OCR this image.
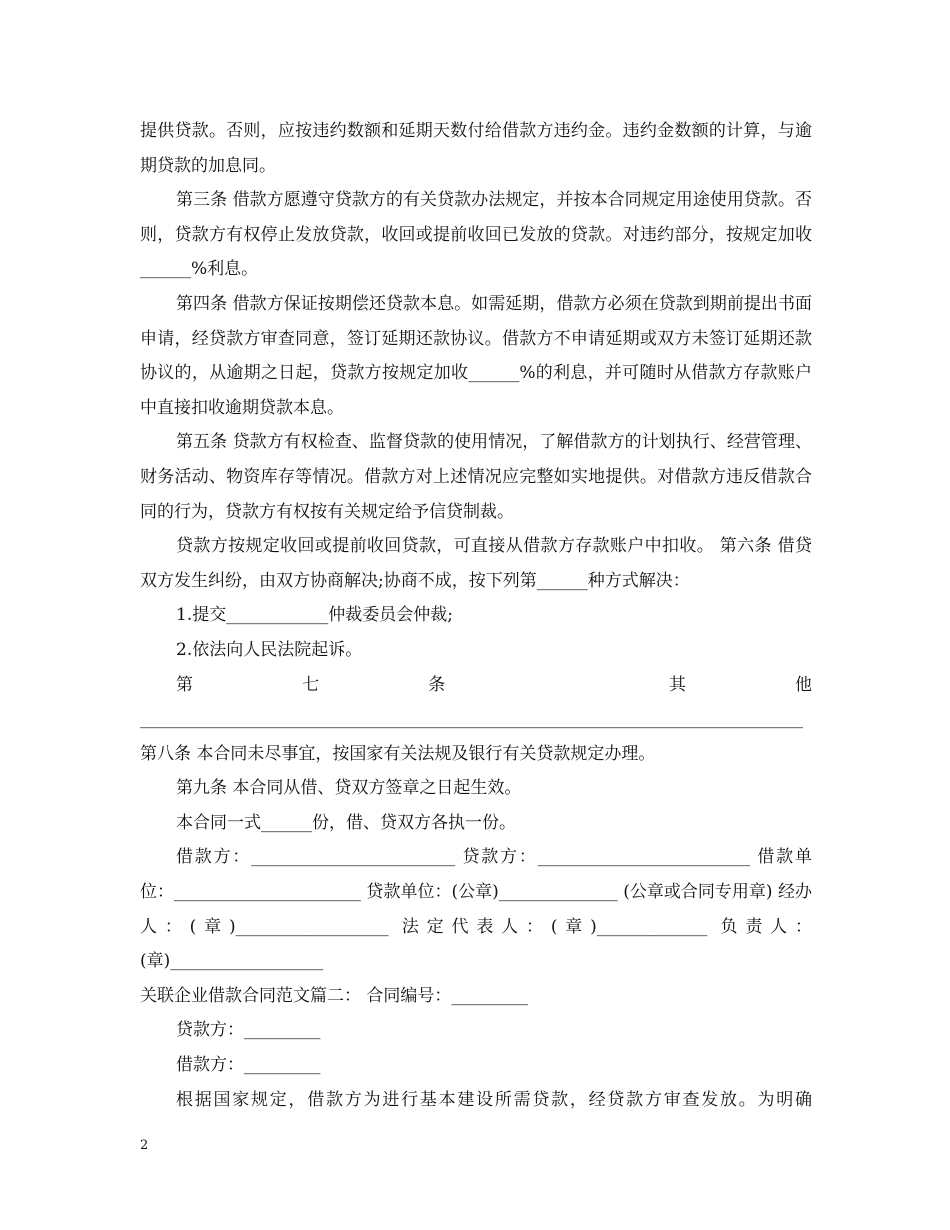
提供贷款。否则，应按违约数额和延期天数付给借款方违约金。违约金数额的计算，与逾期贷款的加息同。

第三条 借款方愿遵守贷款方的有关贷款办法规定，并按本合同规定用途使用贷款。否则，贷款方有权停止发放贷款，收回或提前收回已发放的贷款。对违约部分，按规定加收______%利息。

第四条 借款方保证按期偿还贷款本息。如需延期，借款方必须在贷款到期前提出书面申请，经贷款方审查同意，签订延期还款协议。借款方不申请延期或双方未签订延期还款协议的，从逾期之日起，贷款方按规定加收______%的利息，并可随时从借款方存款账户中直接扣收逾期贷款本息。

第五条 贷款方有权检查、监督贷款的使用情况，了解借款方的计划执行、经营管理、财务活动、物资库存等情况。借款方对上述情况应完整如实地提供。对借款方违反借款合同的行为，贷款方有权按有关规定给予信贷制裁。

贷款方按规定收回或提前收回贷款，可直接从借款方存款账户中扣收。 第六条 借贷双方发生纠纷，由双方协商解决;协商不成，按下列第______种方式解决：

1.提交____________仲裁委员会仲裁;

2.依法向人民法院起诉。

第七条 其他 ______________________________________________________________________________ 第八条 本合同未尽事宜，按国家有关法规及银行有关贷款规定办理。

第九条 本合同从借、贷双方签章之日起生效。

本合同一式______份，借、贷双方各执一份。

借款方：________________________ 贷款方：_________________________ 借款单位：______________________ 贷款单位：(公章)______________ (公章或合同专用章) 经办人：(章)__________________ 法定代表人：(章)_____________ 负责人：(章)__________________

关联企业借款合同范文篇二： 合同编号：_________

贷款方：_________

借款方：_________

根据国家规定，借款方为进行基本建设所需贷款，经贷款方审查发放。为明确

2
